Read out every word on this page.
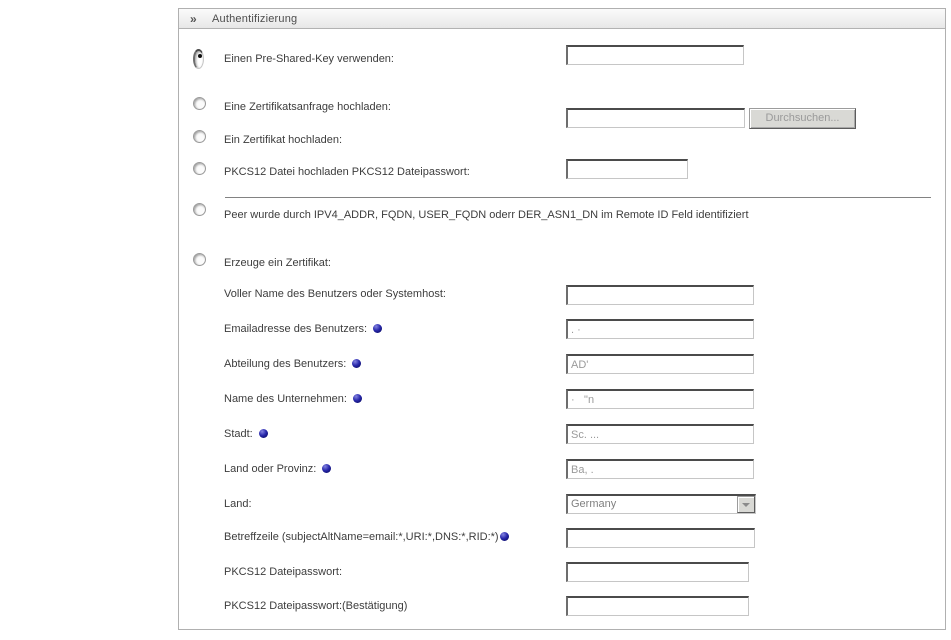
» Authentifizierung
Einen Pre-Shared-Key verwenden:
Eine Zertifikatsanfrage hochladen:
Durchsuchen...
Ein Zertifikat hochladen:
PKCS12 Datei hochladen PKCS12 Dateipasswort:
Peer wurde durch IPV4_ADDR, FQDN, USER_FQDN oderr DER_ASN1_DN im Remote ID Feld identifiziert
Erzeuge ein Zertifikat:
Voller Name des Benutzers oder Systemhost:
Emailadresse des Benutzers:
. ·
Abteilung des Benutzers:
AD'
Name des Unternehmen:
· ''n
Stadt:
Sc. ...
Land oder Provinz:
Ba, .
Land:	Germany
Betreffzeile (subjectAltName=email:*,URI:*,DNS:*,RID:*)
PKCS12 Dateipasswort:
PKCS12 Dateipasswort:(Bestätigung)
